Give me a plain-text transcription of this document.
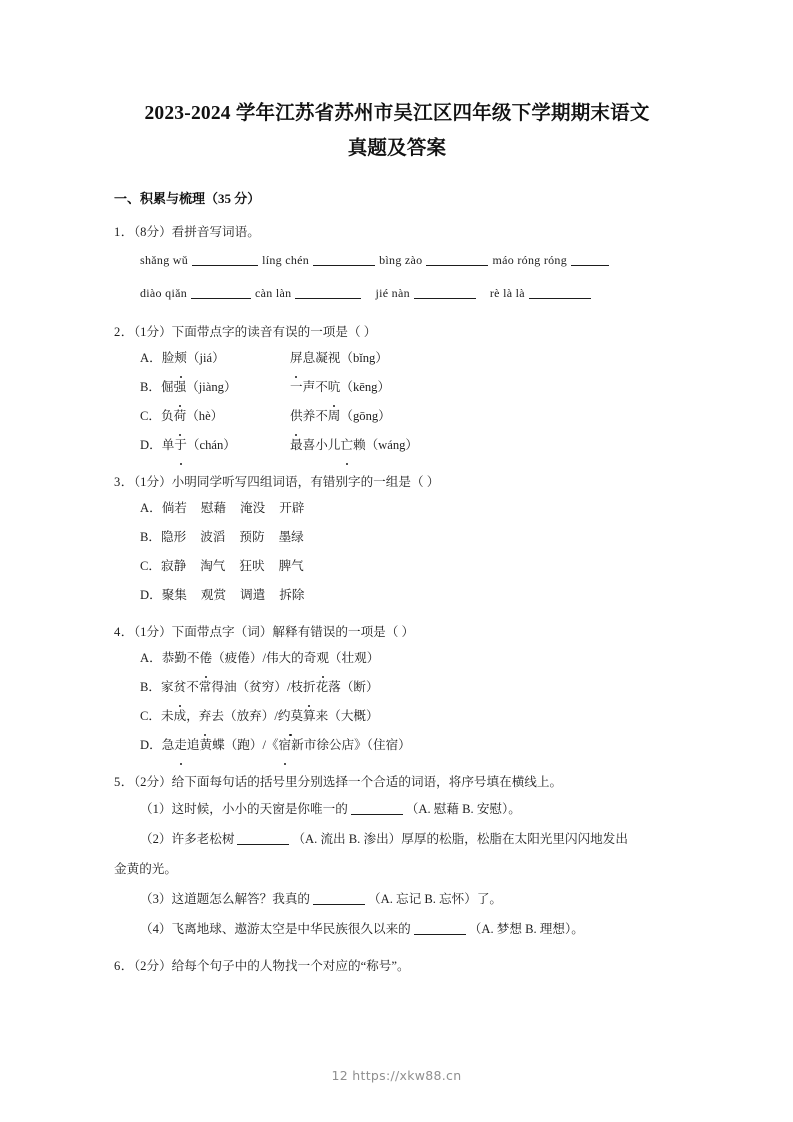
2023-2024 学年江苏省苏州市吴江区四年级下学期期末语文
真题及答案
一、积累与梳理（35 分）
1．（8分）看拼音写词语。
shǎng wǔ	líng chén	bìng zào	máo róng róng
diào qiǎn	càn làn	jié nàn	rè là là
2．（1分）下面带点字的读音有误的一项是（ ）
A．脸颊（jiá）	屏息凝视（bǐng）
B．倔强（jiàng）	一声不吭（kēng）
C．负荷（hè）	供养不周（gōng）
D．单于（chán）	最喜小儿亡赖（wáng）
3．（1分）小明同学听写四组词语，有错别字的一组是（ ）
A．倘若 慰藉 淹没 开辟
B．隐形 波滔 预防 墨绿
C．寂静 淘气 狂吠 脾气
D．聚集 观赏 调遣 拆除
4．（1分）下面带点字（词）解释有错误的一项是（ ）
A．恭勤不倦（疲倦）/伟大的奇观（壮观）
B．家贫不常得油（贫穷）/枝折花落（断）
C．未成，弃去（放弃）/约莫算来（大概）
D．急走追黄蝶（跑）/《宿新市徐公店》（住宿）
5．（2分）给下面每句话的括号里分别选择一个合适的词语，将序号填在横线上。
（1）这时候，小小的天窗是你唯一的	（A. 慰藉 B. 安慰）。
（2）许多老松树	（A. 流出 B. 渗出）厚厚的松脂，松脂在太阳光里闪闪地发出
金黄的光。
（3）这道题怎么解答？我真的	（A. 忘记 B. 忘怀）了。
（4）飞离地球、遨游太空是中华民族很久以来的	（A. 梦想 B. 理想）。
6．（2分）给每个句子中的人物找一个对应的“称号”。
12 https://xkw88.cn
